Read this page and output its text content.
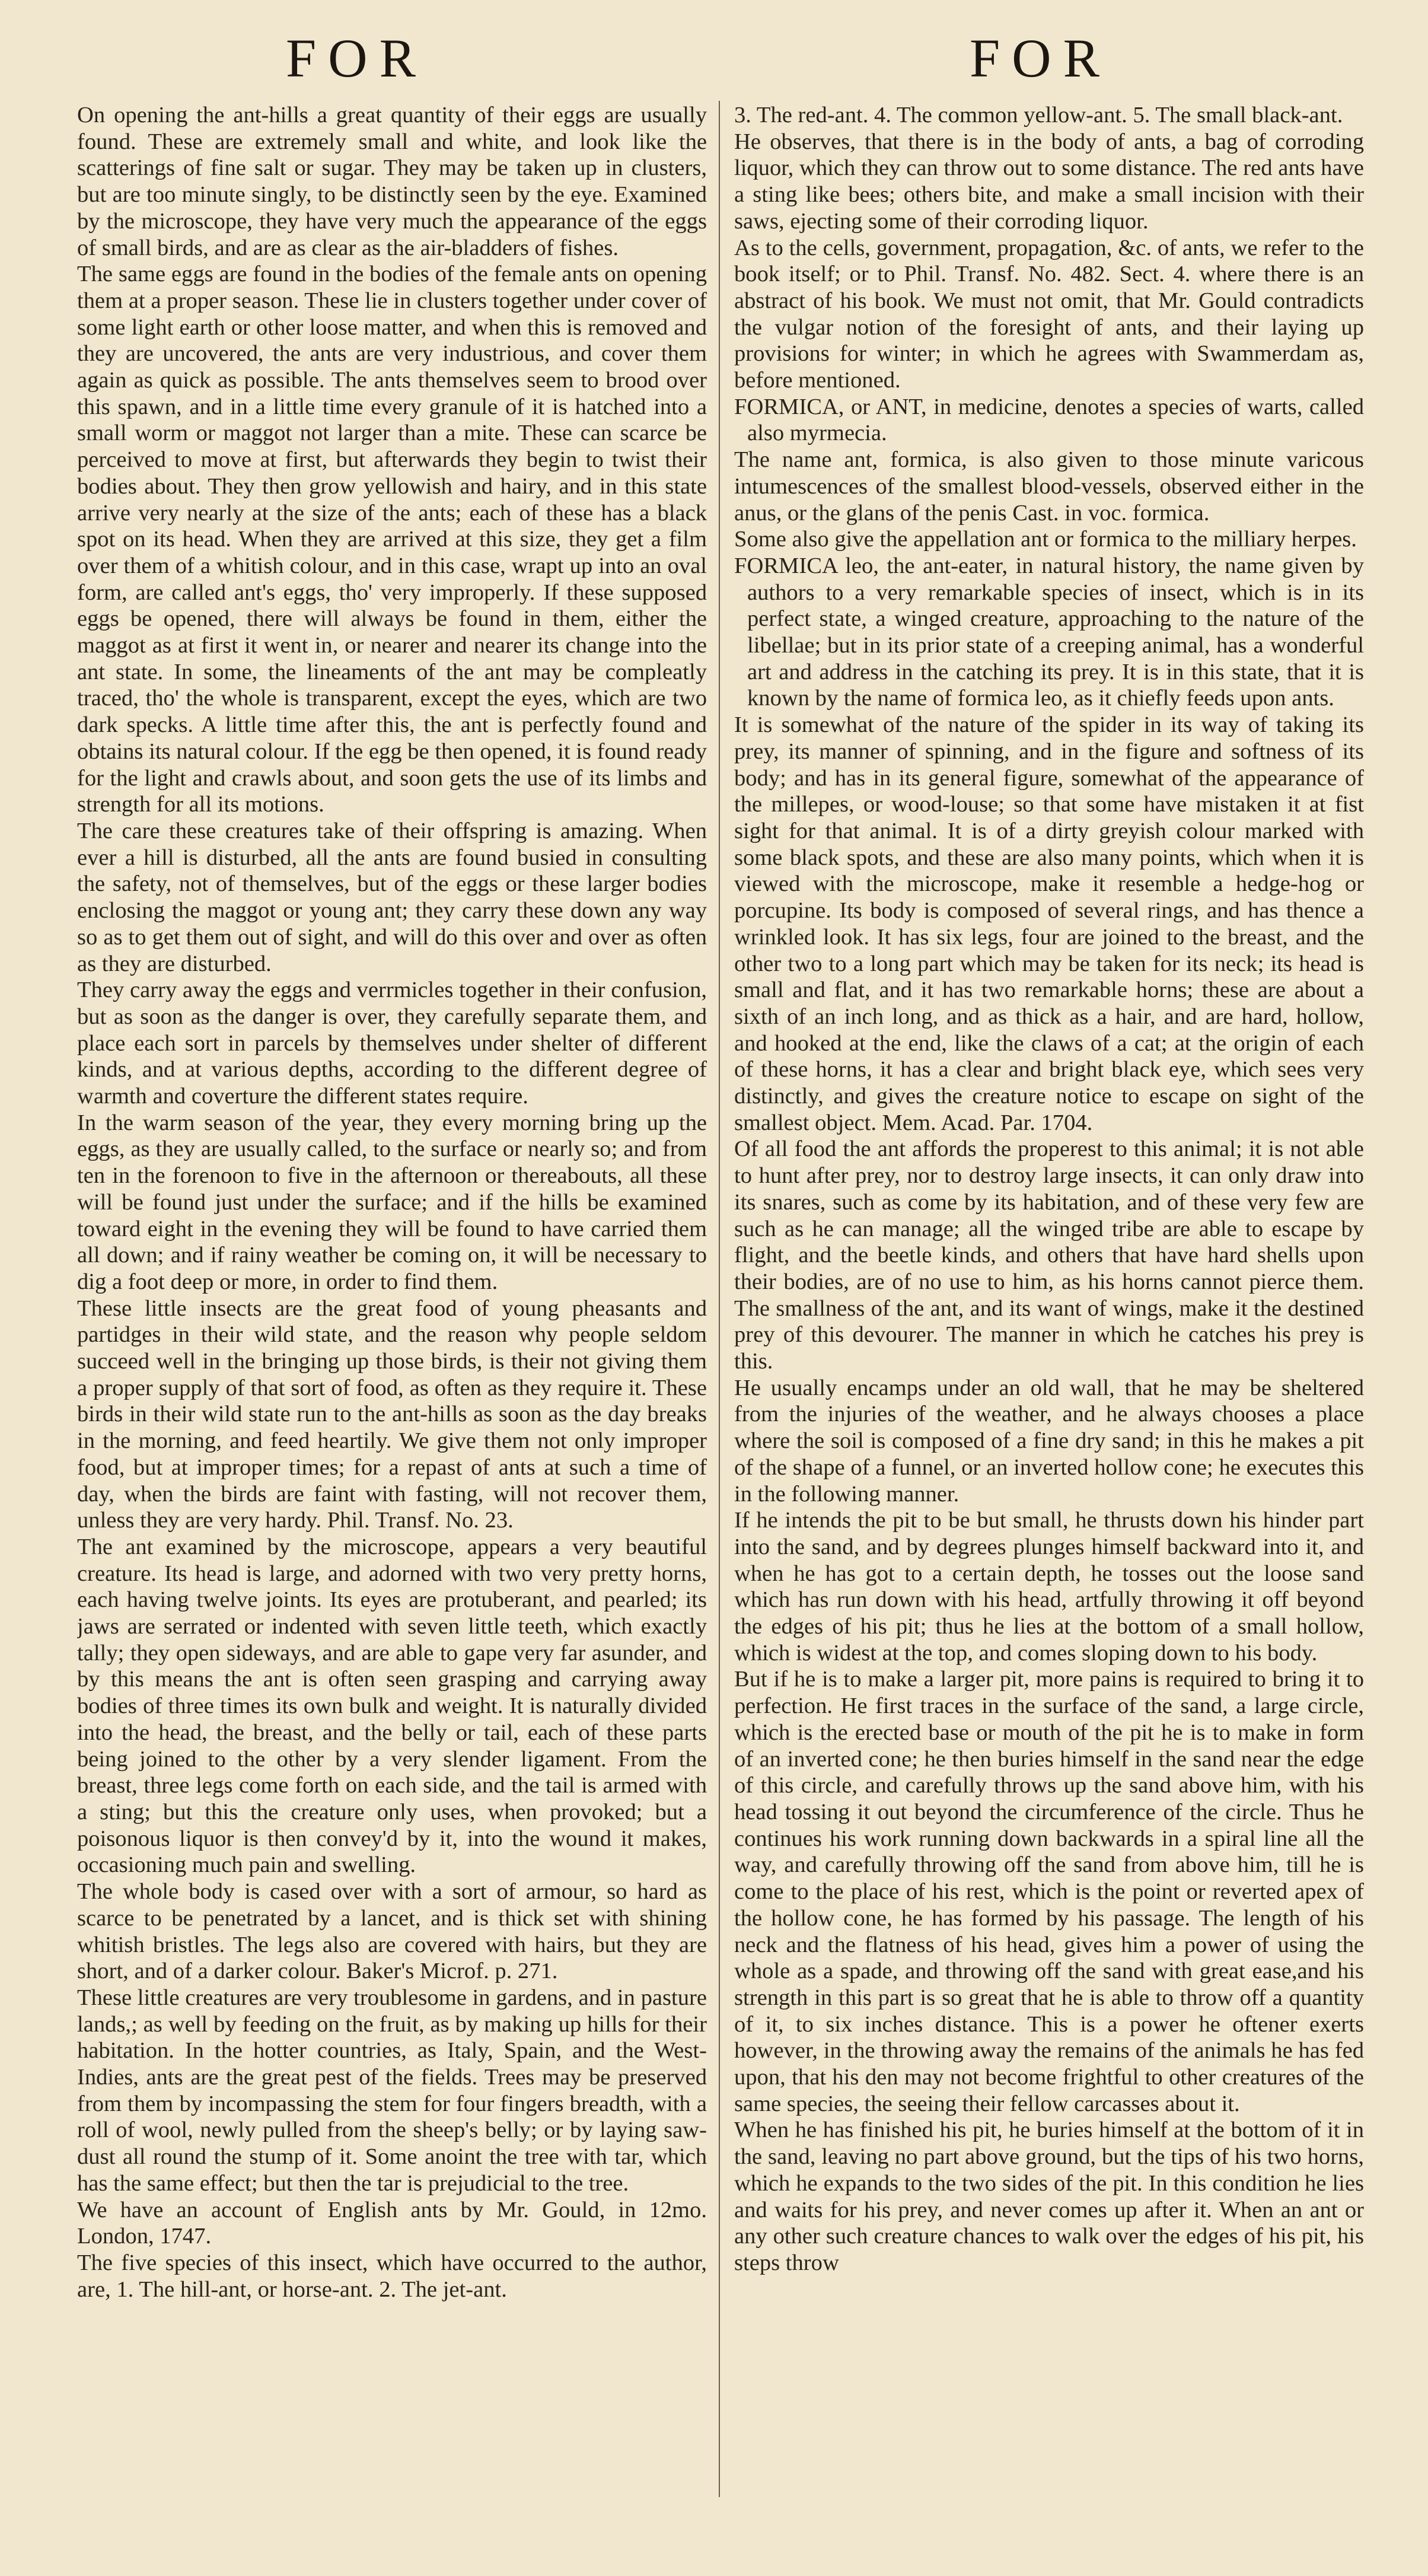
FOR	FOR

On opening the ant-hills a great quantity of their eggs are usually found. These are extremely small and white, and look like the scatterings of fine salt or sugar. They may be taken up in clusters, but are too minute singly, to be distinctly seen by the eye. Examined by the microscope, they have very much the appearance of the eggs of small birds, and are as clear as the air-bladders of fishes.

The same eggs are found in the bodies of the female ants on opening them at a proper season. These lie in clusters together under cover of some light earth or other loose matter, and when this is removed and they are uncovered, the ants are very industrious, and cover them again as quick as possible. The ants themselves seem to brood over this spawn, and in a little time every granule of it is hatched into a small worm or maggot not larger than a mite. These can scarce be perceived to move at first, but afterwards they begin to twist their bodies about. They then grow yellowish and hairy, and in this state arrive very nearly at the size of the ants; each of these has a black spot on its head. When they are arrived at this size, they get a film over them of a whitish colour, and in this case, wrapt up into an oval form, are called ant's eggs, tho' very improperly. If these supposed eggs be opened, there will always be found in them, either the maggot as at first it went in, or nearer and nearer its change into the ant state. In some, the lineaments of the ant may be compleatly traced, tho' the whole is transparent, except the eyes, which are two dark specks. A little time after this, the ant is perfectly found and obtains its natural colour. If the egg be then opened, it is found ready for the light and crawls about, and soon gets the use of its limbs and strength for all its motions.

The care these creatures take of their offspring is amazing. When ever a hill is disturbed, all the ants are found busied in consulting the safety, not of themselves, but of the eggs or these larger bodies enclosing the maggot or young ant; they carry these down any way so as to get them out of sight, and will do this over and over as often as they are disturbed.

They carry away the eggs and verrmicles together in their confusion, but as soon as the danger is over, they carefully separate them, and place each sort in parcels by themselves under shelter of different kinds, and at various depths, according to the different degree of warmth and coverture the different states require.

In the warm season of the year, they every morning bring up the eggs, as they are usually called, to the surface or nearly so; and from ten in the forenoon to five in the afternoon or thereabouts, all these will be found just under the surface; and if the hills be examined toward eight in the evening they will be found to have carried them all down; and if rainy weather be coming on, it will be necessary to dig a foot deep or more, in order to find them.

These little insects are the great food of young pheasants and partidges in their wild state, and the reason why people seldom succeed well in the bringing up those birds, is their not giving them a proper supply of that sort of food, as often as they require it. These birds in their wild state run to the ant-hills as soon as the day breaks in the morning, and feed heartily. We give them not only improper food, but at improper times; for a repast of ants at such a time of day, when the birds are faint with fasting, will not recover them, unless they are very hardy. Phil. Transf. No. 23.

The ant examined by the microscope, appears a very beautiful creature. Its head is large, and adorned with two very pretty horns, each having twelve joints. Its eyes are protuberant, and pearled; its jaws are serrated or indented with seven little teeth, which exactly tally; they open sideways, and are able to gape very far asunder, and by this means the ant is often seen grasping and carrying away bodies of three times its own bulk and weight. It is naturally divided into the head, the breast, and the belly or tail, each of these parts being joined to the other by a very slender ligament. From the breast, three legs come forth on each side, and the tail is armed with a sting; but this the creature only uses, when provoked; but a poisonous liquor is then convey'd by it, into the wound it makes, occasioning much pain and swelling.

The whole body is cased over with a sort of armour, so hard as scarce to be penetrated by a lancet, and is thick set with shining whitish bristles. The legs also are covered with hairs, but they are short, and of a darker colour. Baker's Microf. p. 271.

These little creatures are very troublesome in gardens, and in pasture lands,; as well by feeding on the fruit, as by making up hills for their habitation. In the hotter countries, as Italy, Spain, and the West-Indies, ants are the great pest of the fields. Trees may be preserved from them by incompassing the stem for four fingers breadth, with a roll of wool, newly pulled from the sheep's belly; or by laying saw-dust all round the stump of it. Some anoint the tree with tar, which has the same effect; but then the tar is prejudicial to the tree.

We have an account of English ants by Mr. Gould, in 12mo. London, 1747.

The five species of this insect, which have occurred to the author, are, 1. The hill-ant, or horse-ant. 2. The jet-ant.

3. The red-ant. 4. The common yellow-ant. 5. The small black-ant.

He observes, that there is in the body of ants, a bag of corroding liquor, which they can throw out to some distance. The red ants have a sting like bees; others bite, and make a small incision with their saws, ejecting some of their corroding liquor.

As to the cells, government, propagation, &c. of ants, we refer to the book itself; or to Phil. Transf. No. 482. Sect. 4. where there is an abstract of his book. We must not omit, that Mr. Gould contradicts the vulgar notion of the foresight of ants, and their laying up provisions for winter; in which he agrees with Swammerdam as, before mentioned.

FORMICA, or ANT, in medicine, denotes a species of warts, called also myrmecia.

The name ant, formica, is also given to those minute varicous intumescences of the smallest blood-vessels, observed either in the anus, or the glans of the penis Cast. in voc. formica.

Some also give the appellation ant or formica to the milliary herpes.

FORMICA leo, the ant-eater, in natural history, the name given by authors to a very remarkable species of insect, which is in its perfect state, a winged creature, approaching to the nature of the libellae; but in its prior state of a creeping animal, has a wonderful art and address in the catching its prey. It is in this state, that it is known by the name of formica leo, as it chiefly feeds upon ants.

It is somewhat of the nature of the spider in its way of taking its prey, its manner of spinning, and in the figure and softness of its body; and has in its general figure, somewhat of the appearance of the millepes, or wood-louse; so that some have mistaken it at fist sight for that animal. It is of a dirty greyish colour marked with some black spots, and these are also many points, which when it is viewed with the microscope, make it resemble a hedge-hog or porcupine. Its body is composed of several rings, and has thence a wrinkled look. It has six legs, four are joined to the breast, and the other two to a long part which may be taken for its neck; its head is small and flat, and it has two remarkable horns; these are about a sixth of an inch long, and as thick as a hair, and are hard, hollow, and hooked at the end, like the claws of a cat; at the origin of each of these horns, it has a clear and bright black eye, which sees very distinctly, and gives the creature notice to escape on sight of the smallest object. Mem. Acad. Par. 1704.

Of all food the ant affords the properest to this animal; it is not able to hunt after prey, nor to destroy large insects, it can only draw into its snares, such as come by its habitation, and of these very few are such as he can manage; all the winged tribe are able to escape by flight, and the beetle kinds, and others that have hard shells upon their bodies, are of no use to him, as his horns cannot pierce them. The smallness of the ant, and its want of wings, make it the destined prey of this devourer. The manner in which he catches his prey is this.

He usually encamps under an old wall, that he may be sheltered from the injuries of the weather, and he always chooses a place where the soil is composed of a fine dry sand; in this he makes a pit of the shape of a funnel, or an inverted hollow cone; he executes this in the following manner.

If he intends the pit to be but small, he thrusts down his hinder part into the sand, and by degrees plunges himself backward into it, and when he has got to a certain depth, he tosses out the loose sand which has run down with his head, artfully throwing it off beyond the edges of his pit; thus he lies at the bottom of a small hollow, which is widest at the top, and comes sloping down to his body.

But if he is to make a larger pit, more pains is required to bring it to perfection. He first traces in the surface of the sand, a large circle, which is the erected base or mouth of the pit he is to make in form of an inverted cone; he then buries himself in the sand near the edge of this circle, and carefully throws up the sand above him, with his head tossing it out beyond the circumference of the circle. Thus he continues his work running down backwards in a spiral line all the way, and carefully throwing off the sand from above him, till he is come to the place of his rest, which is the point or reverted apex of the hollow cone, he has formed by his passage. The length of his neck and the flatness of his head, gives him a power of using the whole as a spade, and throwing off the sand with great ease,and his strength in this part is so great that he is able to throw off a quantity of it, to six inches distance. This is a power he oftener exerts however, in the throwing away the remains of the animals he has fed upon, that his den may not become frightful to other creatures of the same species, the seeing their fellow carcasses about it.

When he has finished his pit, he buries himself at the bottom of it in the sand, leaving no part above ground, but the tips of his two horns, which he expands to the two sides of the pit. In this condition he lies and waits for his prey, and never comes up after it. When an ant or any other such creature chances to walk over the edges of his pit, his steps throw
